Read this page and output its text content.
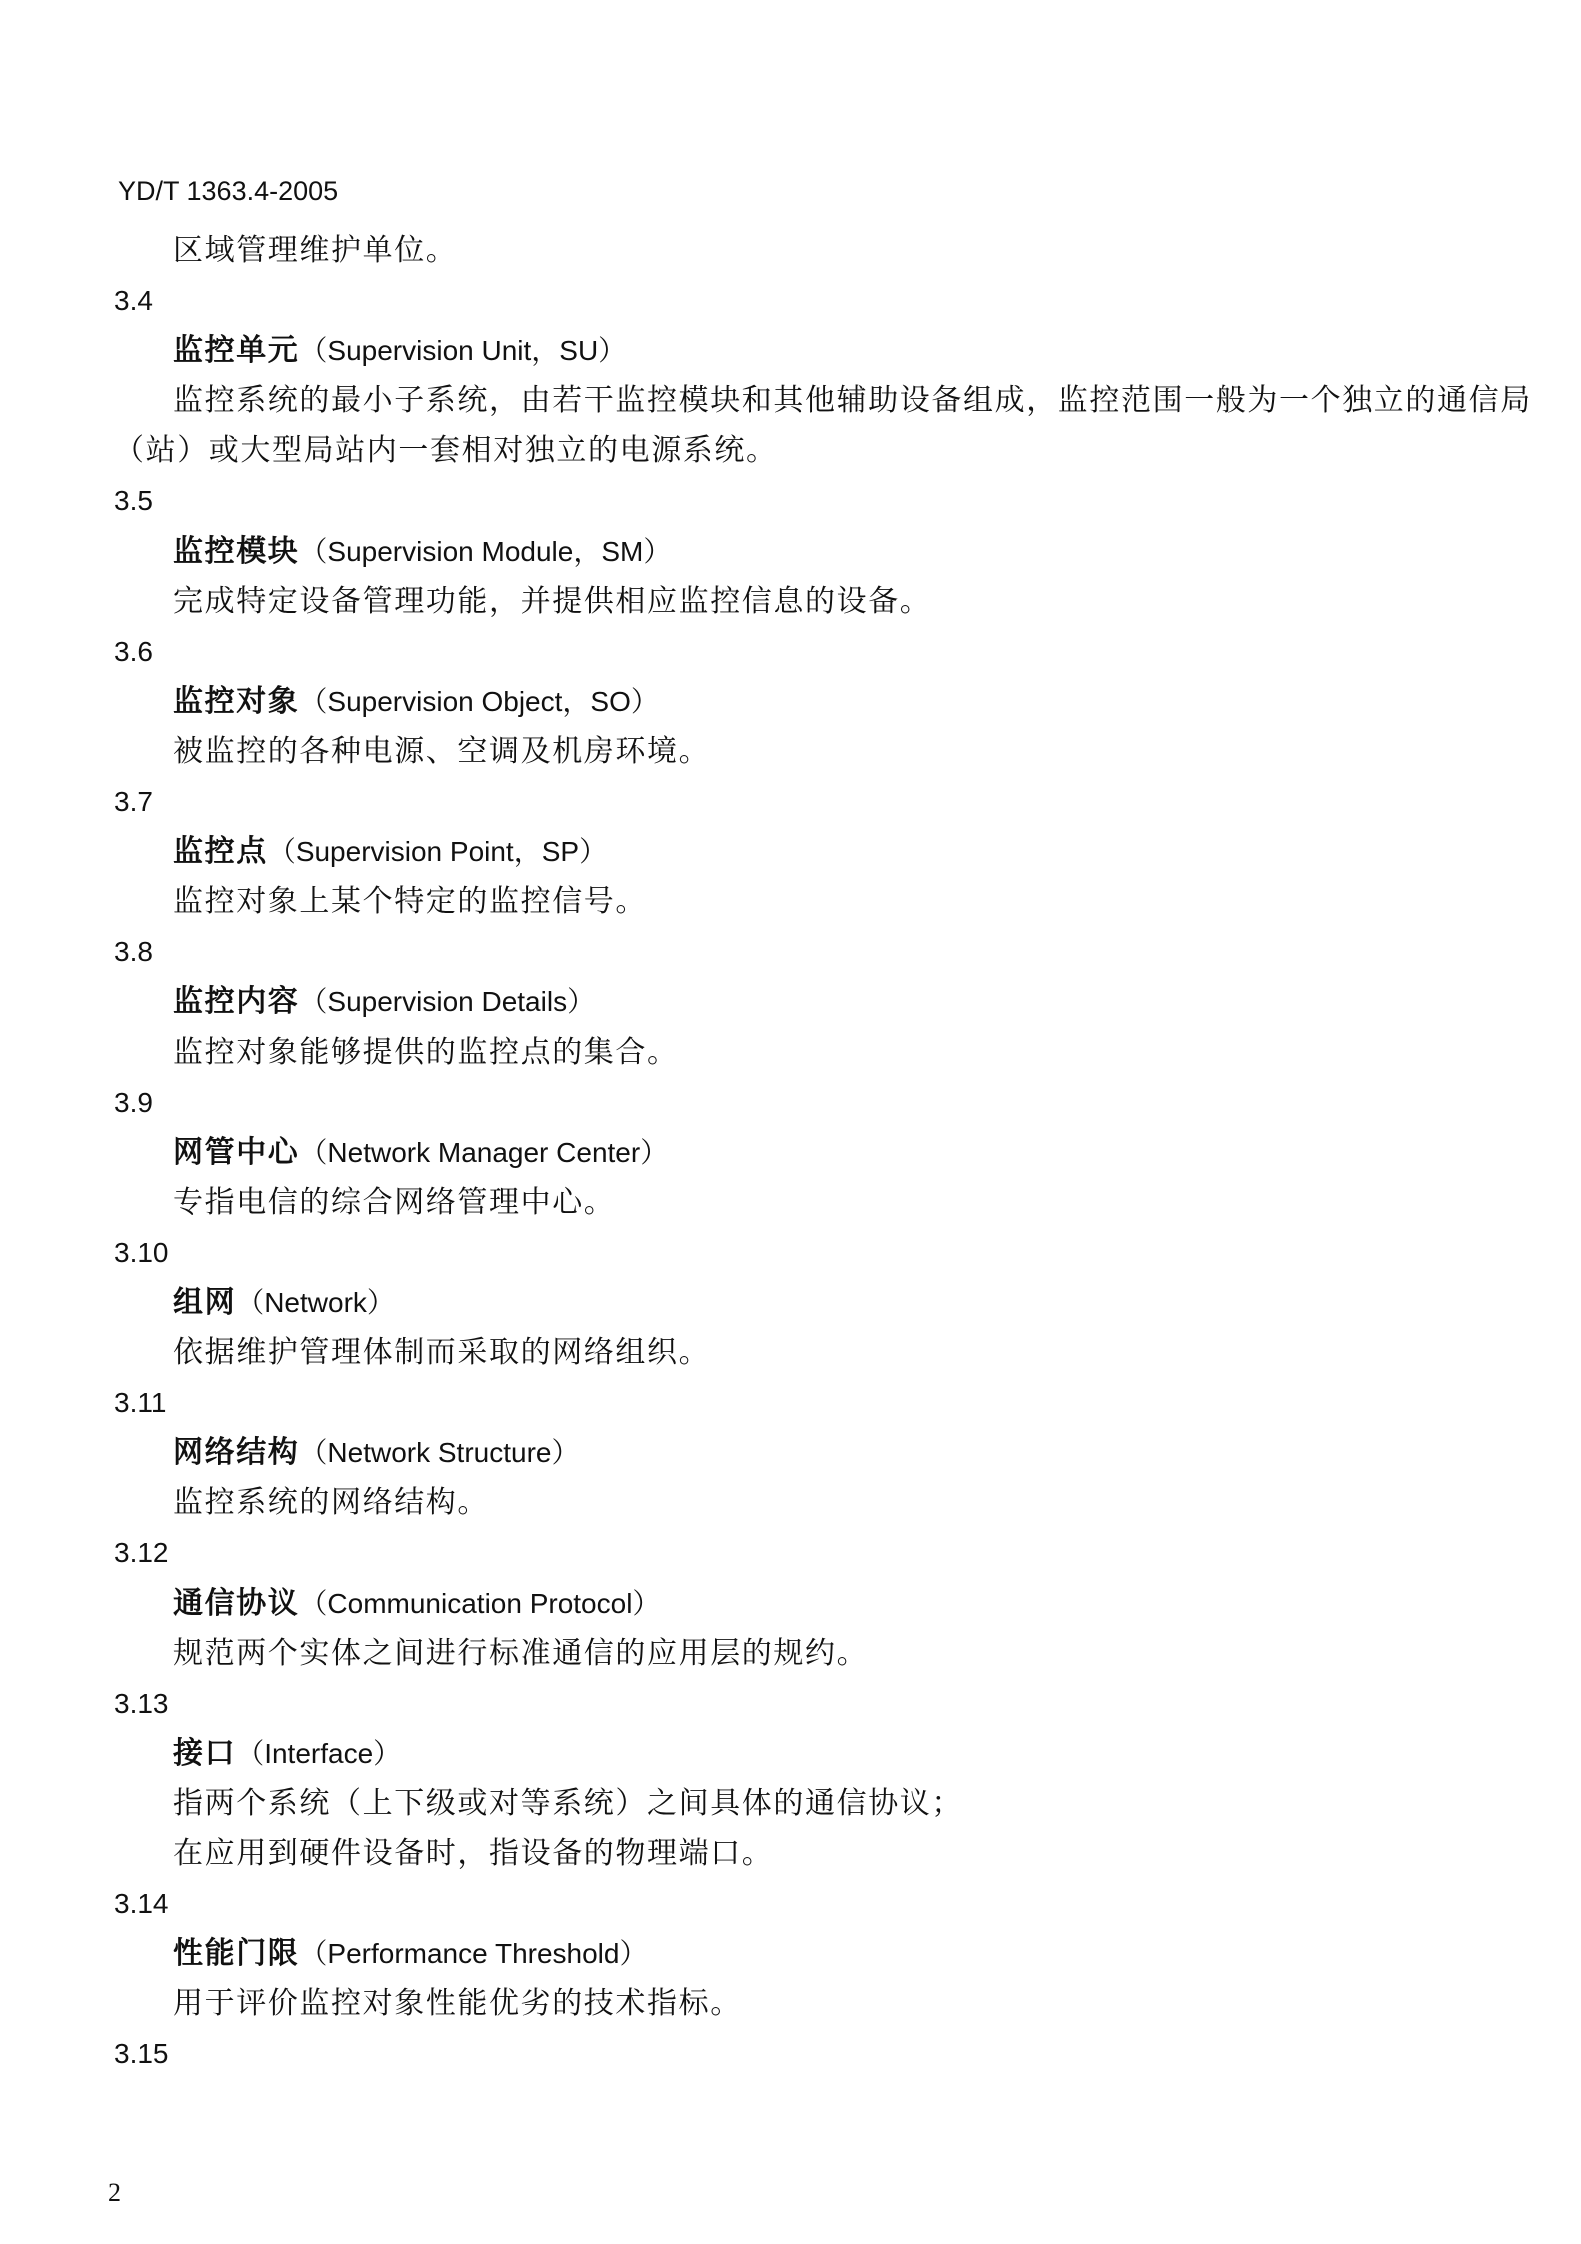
YD/T 1363.4-2005
区域管理维护单位。
3.4
监控单元（Supervision Unit，SU）
监控系统的最小子系统，由若干监控模块和其他辅助设备组成，监控范围一般为一个独立的通信局
（站）或大型局站内一套相对独立的电源系统。
3.5
监控模块（Supervision Module，SM）
完成特定设备管理功能，并提供相应监控信息的设备。
3.6
监控对象（Supervision Object，SO）
被监控的各种电源、空调及机房环境。
3.7
监控点（Supervision Point，SP）
监控对象上某个特定的监控信号。
3.8
监控内容（Supervision Details）
监控对象能够提供的监控点的集合。
3.9
网管中心（Network Manager Center）
专指电信的综合网络管理中心。
3.10
组网（Network）
依据维护管理体制而采取的网络组织。
3.11
网络结构（Network Structure）
监控系统的网络结构。
3.12
通信协议（Communication Protocol）
规范两个实体之间进行标准通信的应用层的规约。
3.13
接口（Interface）
指两个系统（上下级或对等系统）之间具体的通信协议；
在应用到硬件设备时，指设备的物理端口。
3.14
性能门限（Performance Threshold）
用于评价监控对象性能优劣的技术指标。
3.15
2
